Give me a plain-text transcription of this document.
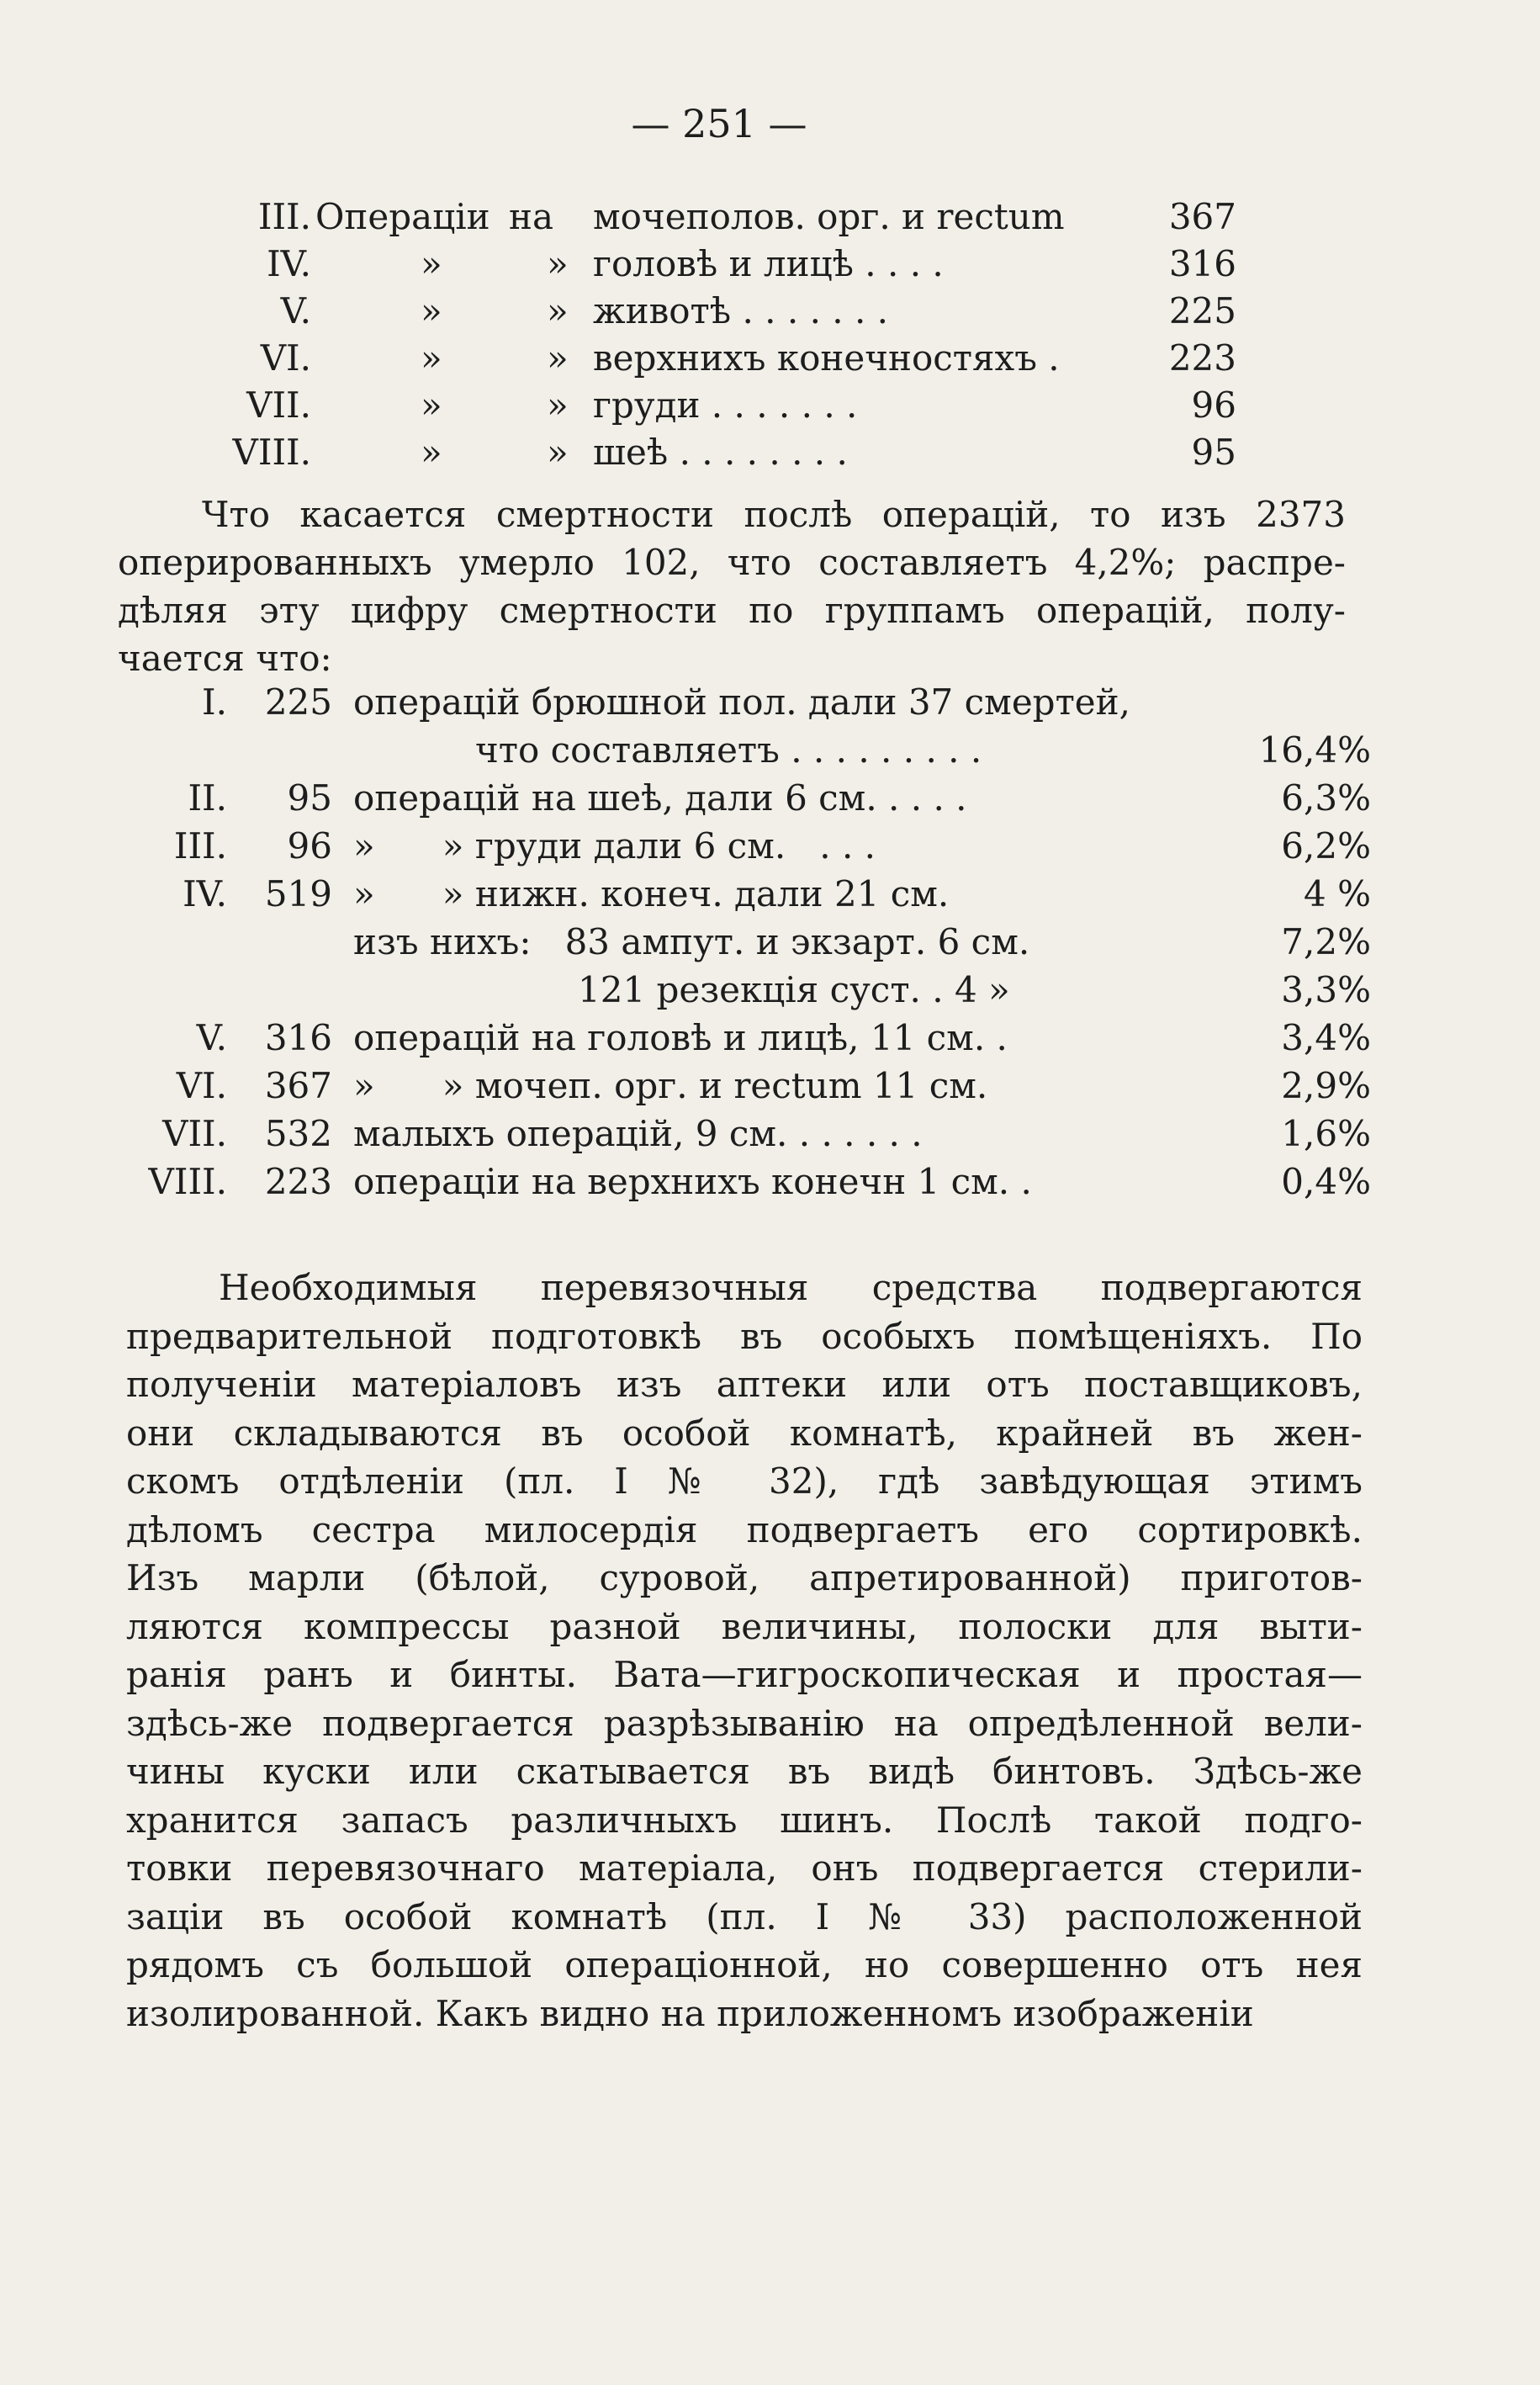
— 251 —
III. Операціи на мочеполов. орг. и rectum	367
IV.	»	» головѣ и лицѣ . . . .	316
V.	»	» животѣ . . . . . . .	225
VI.	»	» верхнихъ конечностяхъ .	223
VII.	»	» груди . . . . . . .	96
VIII.	»	» шеѣ . . . . . . . .	95
Что касается смертности послѣ операцій, то изъ 2373
оперированныхъ умерло 102, что составляетъ 4,2%; распре-
дѣляя эту цифру смертности по группамъ операцій, полу-
чается что:
I. 225 операцій брюшной пол. дали 37 смертей,
что составляетъ . . . . . . . . .	16,4%
II. 95 операцій на шеѣ, дали 6 см. . . . .	6,3%
III. 96 »      » груди дали 6 см.   . . .	6,2%
IV. 519 »      » нижн. конеч. дали 21 см.	4 %
изъ нихъ:   83 ампут. и экзарт. 6 см.	7,2%
121 резекція суст. . 4 »	3,3%
V. 316 операцій на головѣ и лицѣ, 11 см. .	3,4%
VI. 367 »      » мочеп. орг. и rectum 11 см.	2,9%
VII. 532 малыхъ операцій, 9 см. . . . . . .	1,6%
VIII. 223 операціи на верхнихъ конечн 1 см. .	0,4%
Необходимыя перевязочныя средства подвергаются
предварительной подготовкѣ въ особыхъ помѣщеніяхъ. По
полученіи матеріаловъ изъ аптеки или отъ поставщиковъ,
они складываются въ особой комнатѣ, крайней въ жен-
скомъ отдѣленіи (пл. I № 32), гдѣ завѣдующая этимъ
дѣломъ сестра милосердія подвергаетъ его сортировкѣ.
Изъ марли (бѣлой, суровой, апретированной) приготов-
ляются компрессы разной величины, полоски для выти-
ранія ранъ и бинты. Вата—гигроскопическая и простая—
здѣсь-же подвергается разрѣзыванію на опредѣленной вели-
чины куски или скатывается въ видѣ бинтовъ. Здѣсь-же
хранится запасъ различныхъ шинъ. Послѣ такой подго-
товки перевязочнаго матеріала, онъ подвергается стерили-
заціи въ особой комнатѣ (пл. I № 33) расположенной
рядомъ съ большой операціонной, но совершенно отъ нея
изолированной. Какъ видно на приложенномъ изображеніи
